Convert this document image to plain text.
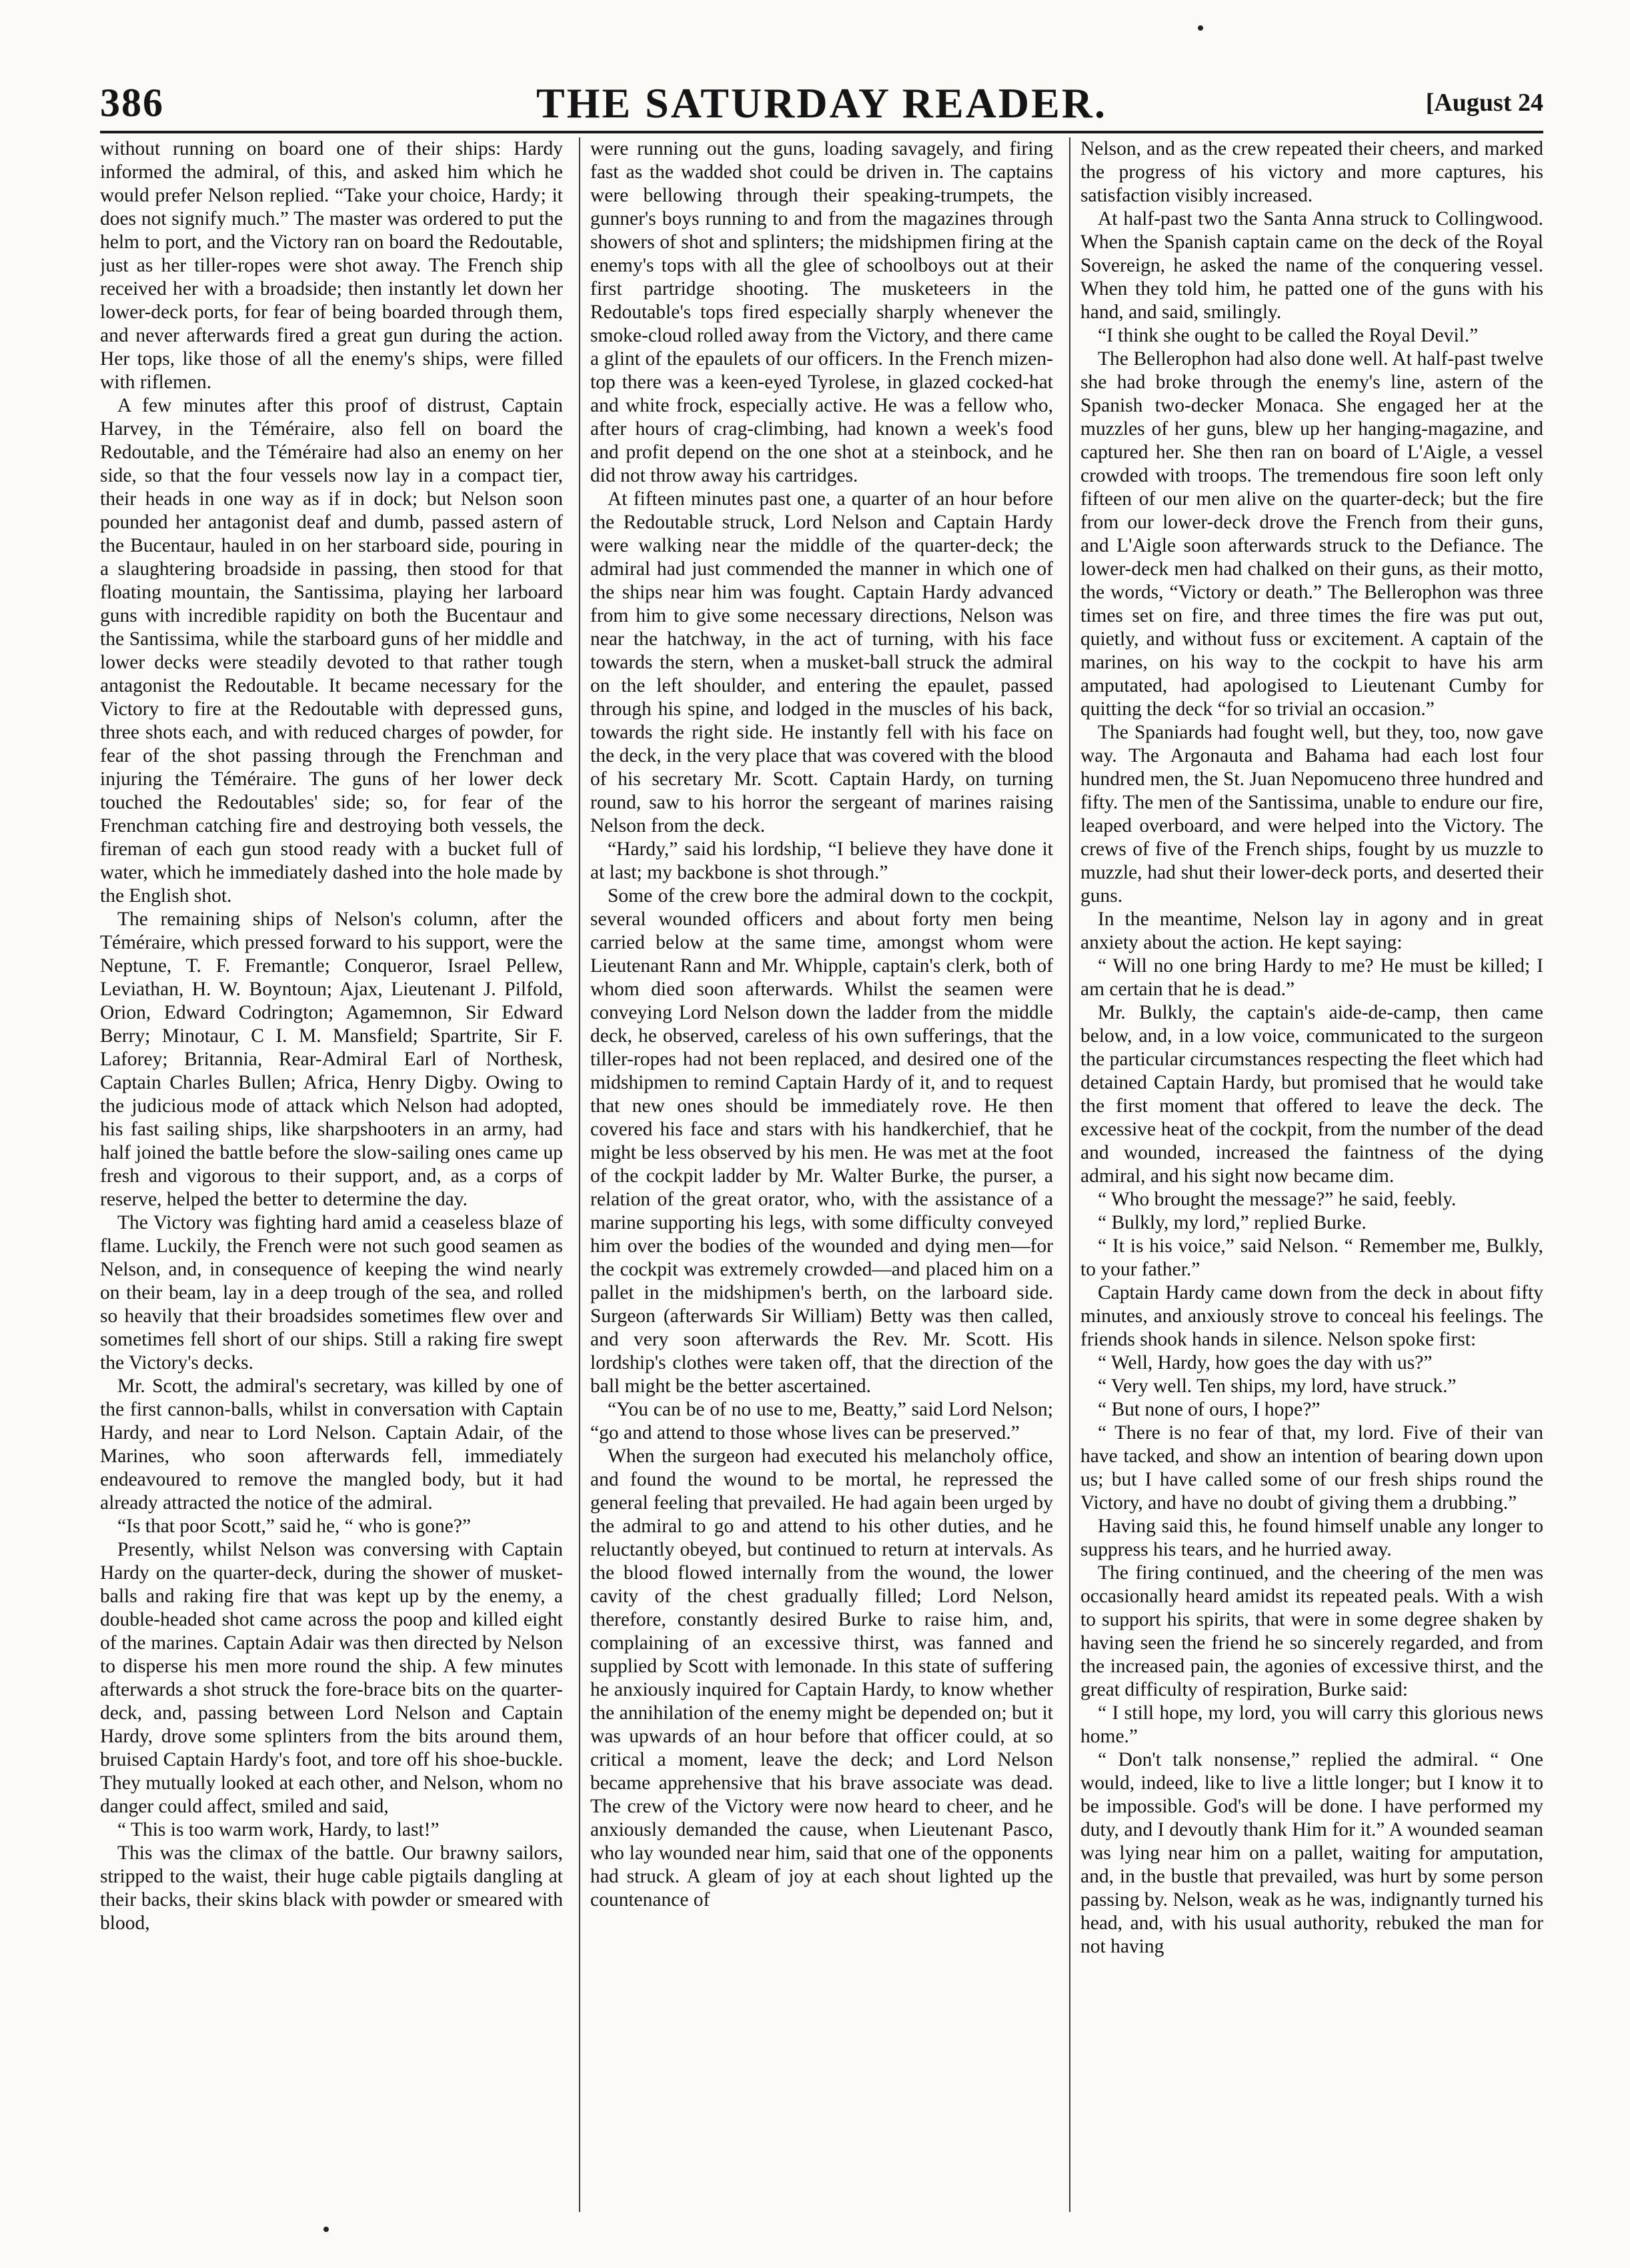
386	THE SATURDAY READER.	[August 24

without running on board one of their ships: Hardy informed the admiral, of this, and asked him which he would prefer Nelson replied. “Take your choice, Hardy; it does not signify much.” The master was ordered to put the helm to port, and the Victory ran on board the Redoutable, just as her tiller-ropes were shot away. The French ship received her with a broadside; then instantly let down her lower-deck ports, for fear of being boarded through them, and never afterwards fired a great gun during the action. Her tops, like those of all the enemy's ships, were filled with riflemen.

A few minutes after this proof of distrust, Captain Harvey, in the Téméraire, also fell on board the Redoutable, and the Téméraire had also an enemy on her side, so that the four vessels now lay in a compact tier, their heads in one way as if in dock; but Nelson soon pounded her antagonist deaf and dumb, passed astern of the Bucentaur, hauled in on her starboard side, pouring in a slaughtering broadside in passing, then stood for that floating mountain, the Santissima, playing her larboard guns with incredible rapidity on both the Bucentaur and the Santissima, while the starboard guns of her middle and lower decks were steadily devoted to that rather tough antagonist the Redoutable. It became necessary for the Victory to fire at the Redoutable with depressed guns, three shots each, and with reduced charges of powder, for fear of the shot passing through the Frenchman and injuring the Téméraire. The guns of her lower deck touched the Redoutables' side; so, for fear of the Frenchman catching fire and destroying both vessels, the fireman of each gun stood ready with a bucket full of water, which he immediately dashed into the hole made by the English shot.

The remaining ships of Nelson's column, after the Téméraire, which pressed forward to his support, were the Neptune, T. F. Fremantle; Conqueror, Israel Pellew, Leviathan, H. W. Boyntoun; Ajax, Lieutenant J. Pilfold, Orion, Edward Codrington; Agamemnon, Sir Edward Berry; Minotaur, C I. M. Mansfield; Spartrite, Sir F. Laforey; Britannia, Rear-Admiral Earl of Northesk, Captain Charles Bullen; Africa, Henry Digby. Owing to the judicious mode of attack which Nelson had adopted, his fast sailing ships, like sharpshooters in an army, had half joined the battle before the slow-sailing ones came up fresh and vigorous to their support, and, as a corps of reserve, helped the better to determine the day.

The Victory was fighting hard amid a ceaseless blaze of flame. Luckily, the French were not such good seamen as Nelson, and, in consequence of keeping the wind nearly on their beam, lay in a deep trough of the sea, and rolled so heavily that their broadsides sometimes flew over and sometimes fell short of our ships. Still a raking fire swept the Victory's decks.

Mr. Scott, the admiral's secretary, was killed by one of the first cannon-balls, whilst in conversation with Captain Hardy, and near to Lord Nelson. Captain Adair, of the Marines, who soon afterwards fell, immediately endeavoured to remove the mangled body, but it had already attracted the notice of the admiral.

“Is that poor Scott,” said he, “ who is gone?”

Presently, whilst Nelson was conversing with Captain Hardy on the quarter-deck, during the shower of musket-balls and raking fire that was kept up by the enemy, a double-headed shot came across the poop and killed eight of the marines. Captain Adair was then directed by Nelson to disperse his men more round the ship. A few minutes afterwards a shot struck the fore-brace bits on the quarter-deck, and, passing between Lord Nelson and Captain Hardy, drove some splinters from the bits around them, bruised Captain Hardy's foot, and tore off his shoe-buckle. They mutually looked at each other, and Nelson, whom no danger could affect, smiled and said,

“ This is too warm work, Hardy, to last!”

This was the climax of the battle. Our brawny sailors, stripped to the waist, their huge cable pigtails dangling at their backs, their skins black with powder or smeared with blood,

were running out the guns, loading savagely, and firing fast as the wadded shot could be driven in. The captains were bellowing through their speaking-trumpets, the gunner's boys running to and from the magazines through showers of shot and splinters; the midshipmen firing at the enemy's tops with all the glee of schoolboys out at their first partridge shooting. The musketeers in the Redoutable's tops fired especially sharply whenever the smoke-cloud rolled away from the Victory, and there came a glint of the epaulets of our officers. In the French mizen-top there was a keen-eyed Tyrolese, in glazed cocked-hat and white frock, especially active. He was a fellow who, after hours of crag-climbing, had known a week's food and profit depend on the one shot at a steinbock, and he did not throw away his cartridges.

At fifteen minutes past one, a quarter of an hour before the Redoutable struck, Lord Nelson and Captain Hardy were walking near the middle of the quarter-deck; the admiral had just commended the manner in which one of the ships near him was fought. Captain Hardy advanced from him to give some necessary directions, Nelson was near the hatchway, in the act of turning, with his face towards the stern, when a musket-ball struck the admiral on the left shoulder, and entering the epaulet, passed through his spine, and lodged in the muscles of his back, towards the right side. He instantly fell with his face on the deck, in the very place that was covered with the blood of his secretary Mr. Scott. Captain Hardy, on turning round, saw to his horror the sergeant of marines raising Nelson from the deck.

“Hardy,” said his lordship, “I believe they have done it at last; my backbone is shot through.”

Some of the crew bore the admiral down to the cockpit, several wounded officers and about forty men being carried below at the same time, amongst whom were Lieutenant Rann and Mr. Whipple, captain's clerk, both of whom died soon afterwards. Whilst the seamen were conveying Lord Nelson down the ladder from the middle deck, he observed, careless of his own sufferings, that the tiller-ropes had not been replaced, and desired one of the midshipmen to remind Captain Hardy of it, and to request that new ones should be immediately rove. He then covered his face and stars with his handkerchief, that he might be less observed by his men. He was met at the foot of the cockpit ladder by Mr. Walter Burke, the purser, a relation of the great orator, who, with the assistance of a marine supporting his legs, with some difficulty conveyed him over the bodies of the wounded and dying men—for the cockpit was extremely crowded—and placed him on a pallet in the midshipmen's berth, on the larboard side. Surgeon (afterwards Sir William) Betty was then called, and very soon afterwards the Rev. Mr. Scott. His lordship's clothes were taken off, that the direction of the ball might be the better ascertained.

“You can be of no use to me, Beatty,” said Lord Nelson; “go and attend to those whose lives can be preserved.”

When the surgeon had executed his melancholy office, and found the wound to be mortal, he repressed the general feeling that prevailed. He had again been urged by the admiral to go and attend to his other duties, and he reluctantly obeyed, but continued to return at intervals. As the blood flowed internally from the wound, the lower cavity of the chest gradually filled; Lord Nelson, therefore, constantly desired Burke to raise him, and, complaining of an excessive thirst, was fanned and supplied by Scott with lemonade. In this state of suffering he anxiously inquired for Captain Hardy, to know whether the annihilation of the enemy might be depended on; but it was upwards of an hour before that officer could, at so critical a moment, leave the deck; and Lord Nelson became apprehensive that his brave associate was dead. The crew of the Victory were now heard to cheer, and he anxiously demanded the cause, when Lieutenant Pasco, who lay wounded near him, said that one of the opponents had struck. A gleam of joy at each shout lighted up the countenance of

Nelson, and as the crew repeated their cheers, and marked the progress of his victory and more captures, his satisfaction visibly increased.

At half-past two the Santa Anna struck to Collingwood. When the Spanish captain came on the deck of the Royal Sovereign, he asked the name of the conquering vessel. When they told him, he patted one of the guns with his hand, and said, smilingly.

“I think she ought to be called the Royal Devil.”

The Bellerophon had also done well. At half-past twelve she had broke through the enemy's line, astern of the Spanish two-decker Monaca. She engaged her at the muzzles of her guns, blew up her hanging-magazine, and captured her. She then ran on board of L'Aigle, a vessel crowded with troops. The tremendous fire soon left only fifteen of our men alive on the quarter-deck; but the fire from our lower-deck drove the French from their guns, and L'Aigle soon afterwards struck to the Defiance. The lower-deck men had chalked on their guns, as their motto, the words, “Victory or death.” The Bellerophon was three times set on fire, and three times the fire was put out, quietly, and without fuss or excitement. A captain of the marines, on his way to the cockpit to have his arm amputated, had apologised to Lieutenant Cumby for quitting the deck “for so trivial an occasion.”

The Spaniards had fought well, but they, too, now gave way. The Argonauta and Bahama had each lost four hundred men, the St. Juan Nepomuceno three hundred and fifty. The men of the Santissima, unable to endure our fire, leaped overboard, and were helped into the Victory. The crews of five of the French ships, fought by us muzzle to muzzle, had shut their lower-deck ports, and deserted their guns.

In the meantime, Nelson lay in agony and in great anxiety about the action. He kept saying:

“ Will no one bring Hardy to me? He must be killed; I am certain that he is dead.”

Mr. Bulkly, the captain's aide-de-camp, then came below, and, in a low voice, communicated to the surgeon the particular circumstances respecting the fleet which had detained Captain Hardy, but promised that he would take the first moment that offered to leave the deck. The excessive heat of the cockpit, from the number of the dead and wounded, increased the faintness of the dying admiral, and his sight now became dim.

“ Who brought the message?” he said, feebly.

“ Bulkly, my lord,” replied Burke.

“ It is his voice,” said Nelson. “ Remember me, Bulkly, to your father.”

Captain Hardy came down from the deck in about fifty minutes, and anxiously strove to conceal his feelings. The friends shook hands in silence. Nelson spoke first:

“ Well, Hardy, how goes the day with us?”

“ Very well. Ten ships, my lord, have struck.”

“ But none of ours, I hope?”

“ There is no fear of that, my lord. Five of their van have tacked, and show an intention of bearing down upon us; but I have called some of our fresh ships round the Victory, and have no doubt of giving them a drubbing.”

Having said this, he found himself unable any longer to suppress his tears, and he hurried away.

The firing continued, and the cheering of the men was occasionally heard amidst its repeated peals. With a wish to support his spirits, that were in some degree shaken by having seen the friend he so sincerely regarded, and from the increased pain, the agonies of excessive thirst, and the great difficulty of respiration, Burke said:

“ I still hope, my lord, you will carry this glorious news home.”

“ Don't talk nonsense,” replied the admiral. “ One would, indeed, like to live a little longer; but I know it to be impossible. God's will be done. I have performed my duty, and I devoutly thank Him for it.” A wounded seaman was lying near him on a pallet, waiting for amputation, and, in the bustle that prevailed, was hurt by some person passing by. Nelson, weak as he was, indignantly turned his head, and, with his usual authority, rebuked the man for not having
